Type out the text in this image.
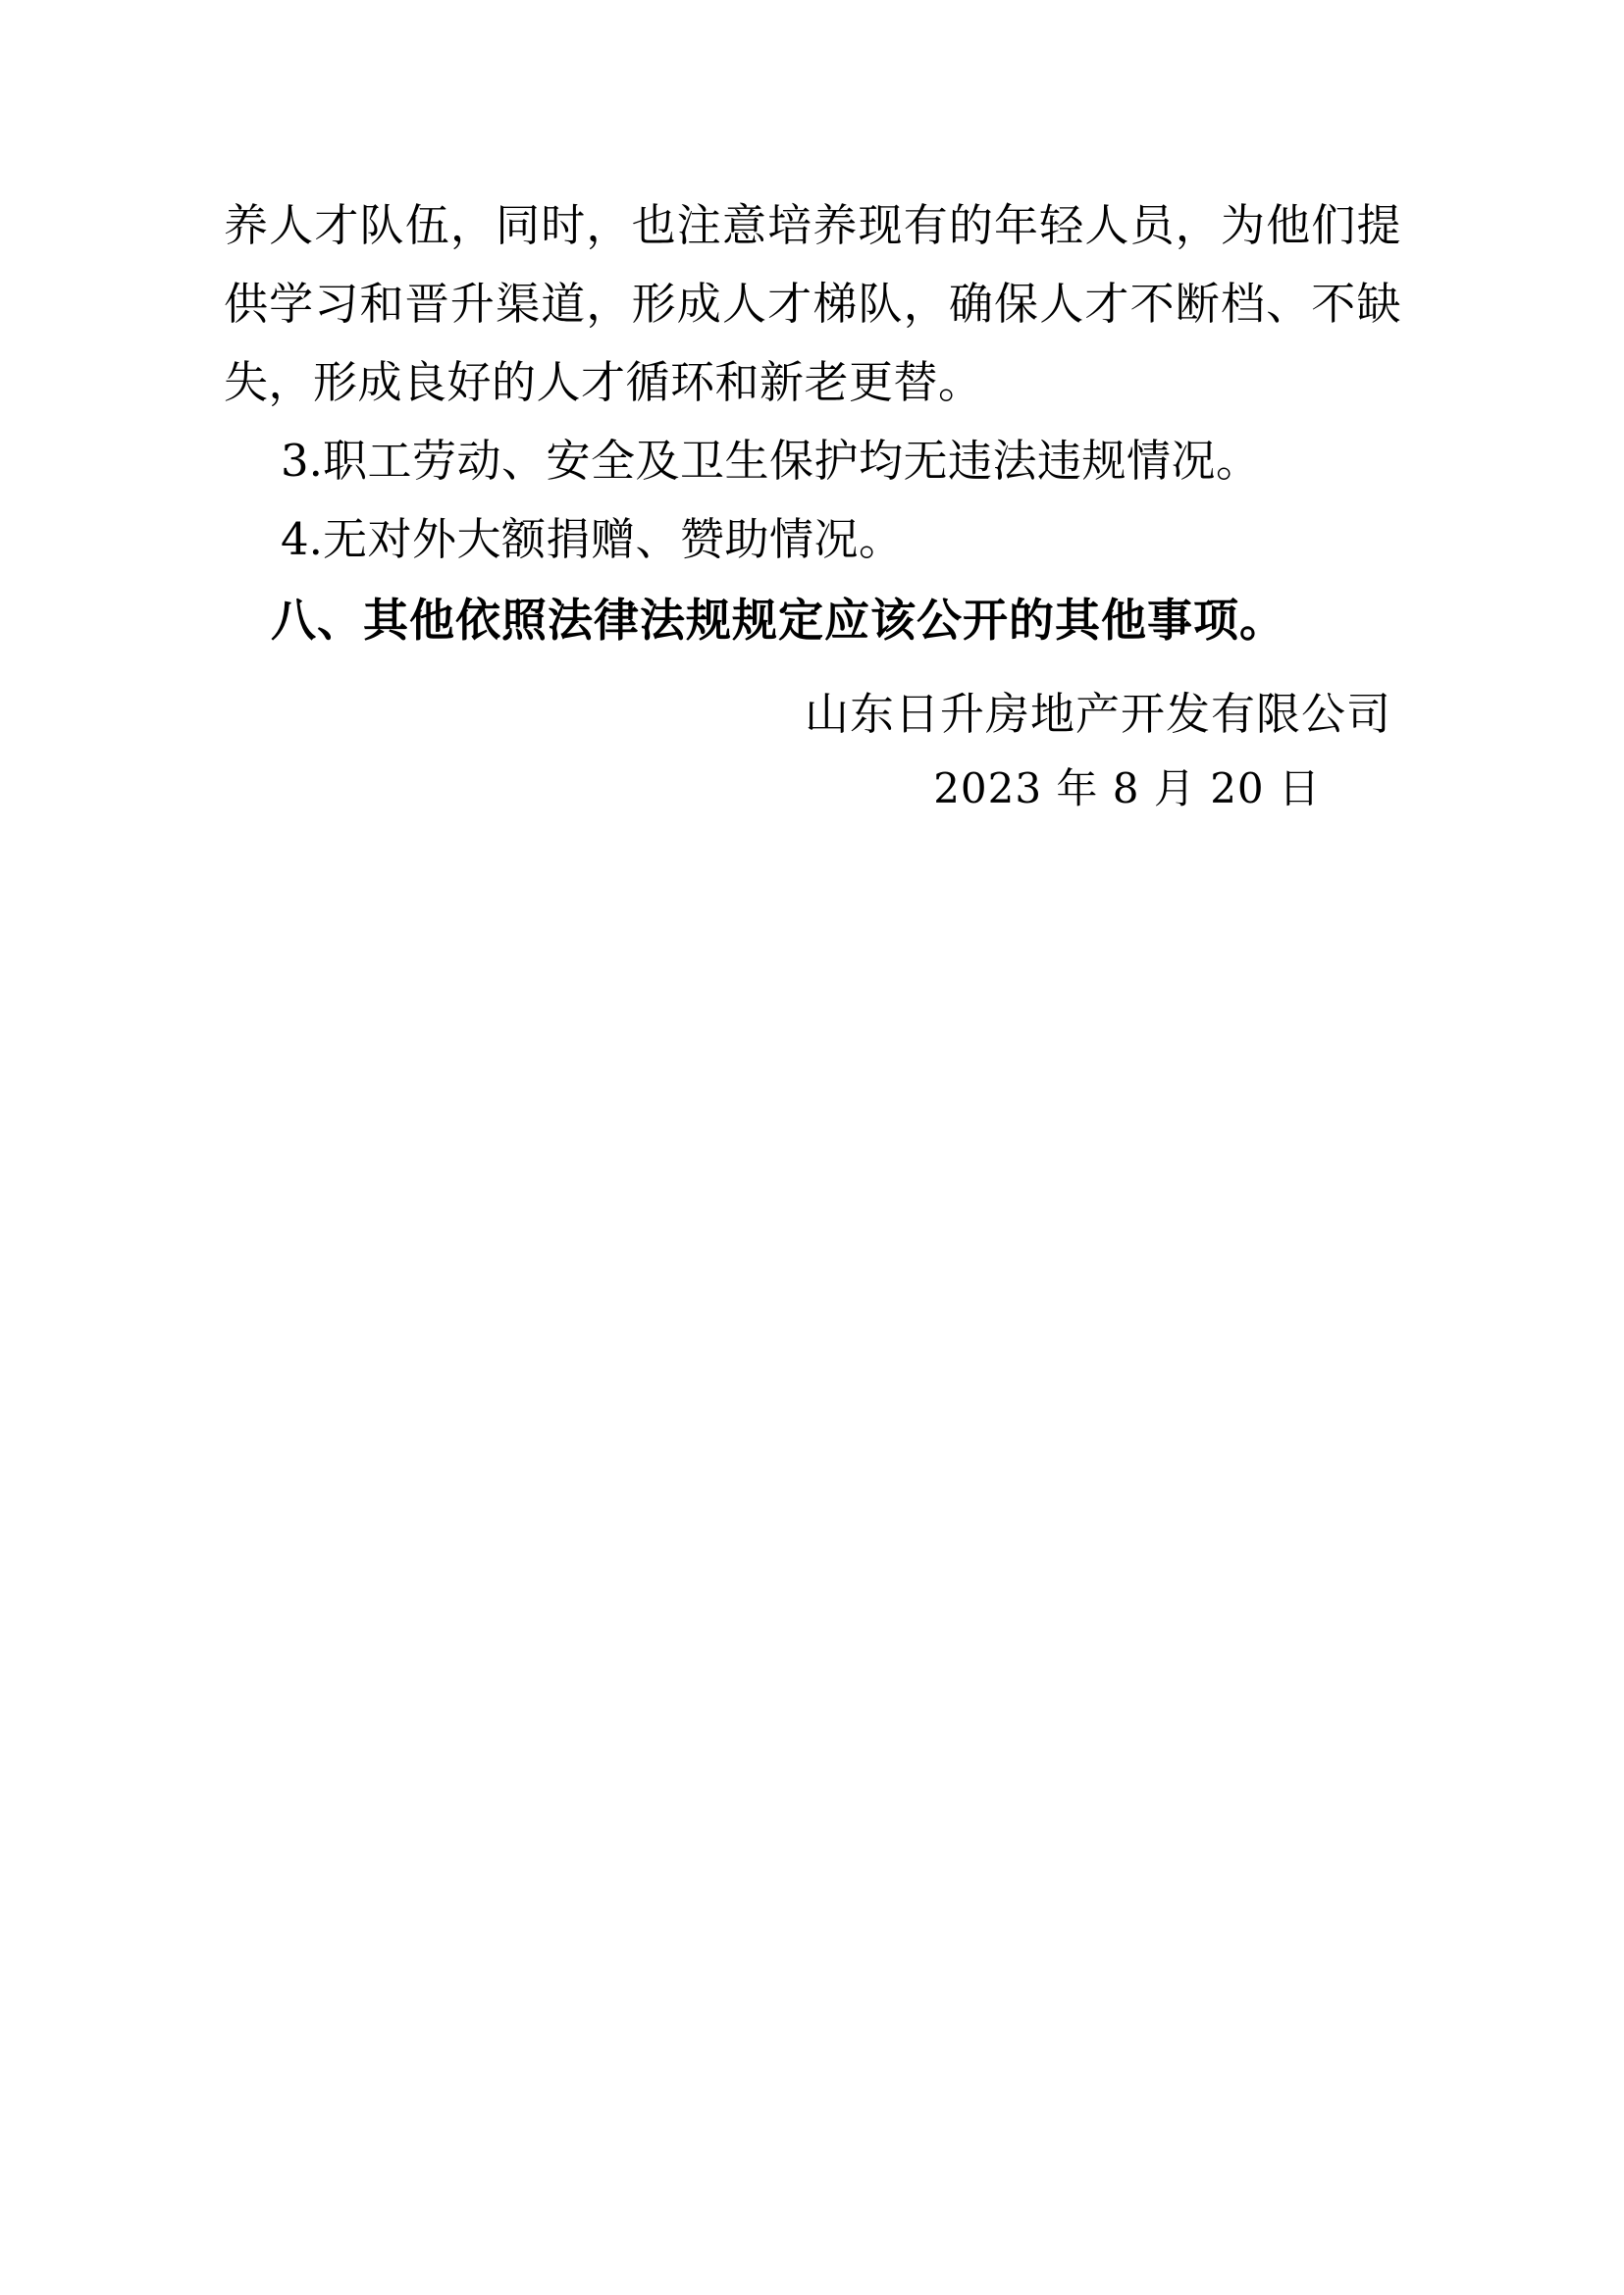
养人才队伍，同时，也注意培养现有的年轻人员，为他们提供学习和晋升渠道，形成人才梯队，确保人才不断档、不缺失，形成良好的人才循环和新老更替。

3.职工劳动、安全及卫生保护均无违法违规情况。

4.无对外大额捐赠、赞助情况。

八、其他依照法律法规规定应该公开的其他事项。

山东日升房地产开发有限公司
2023 年 8 月 20 日
